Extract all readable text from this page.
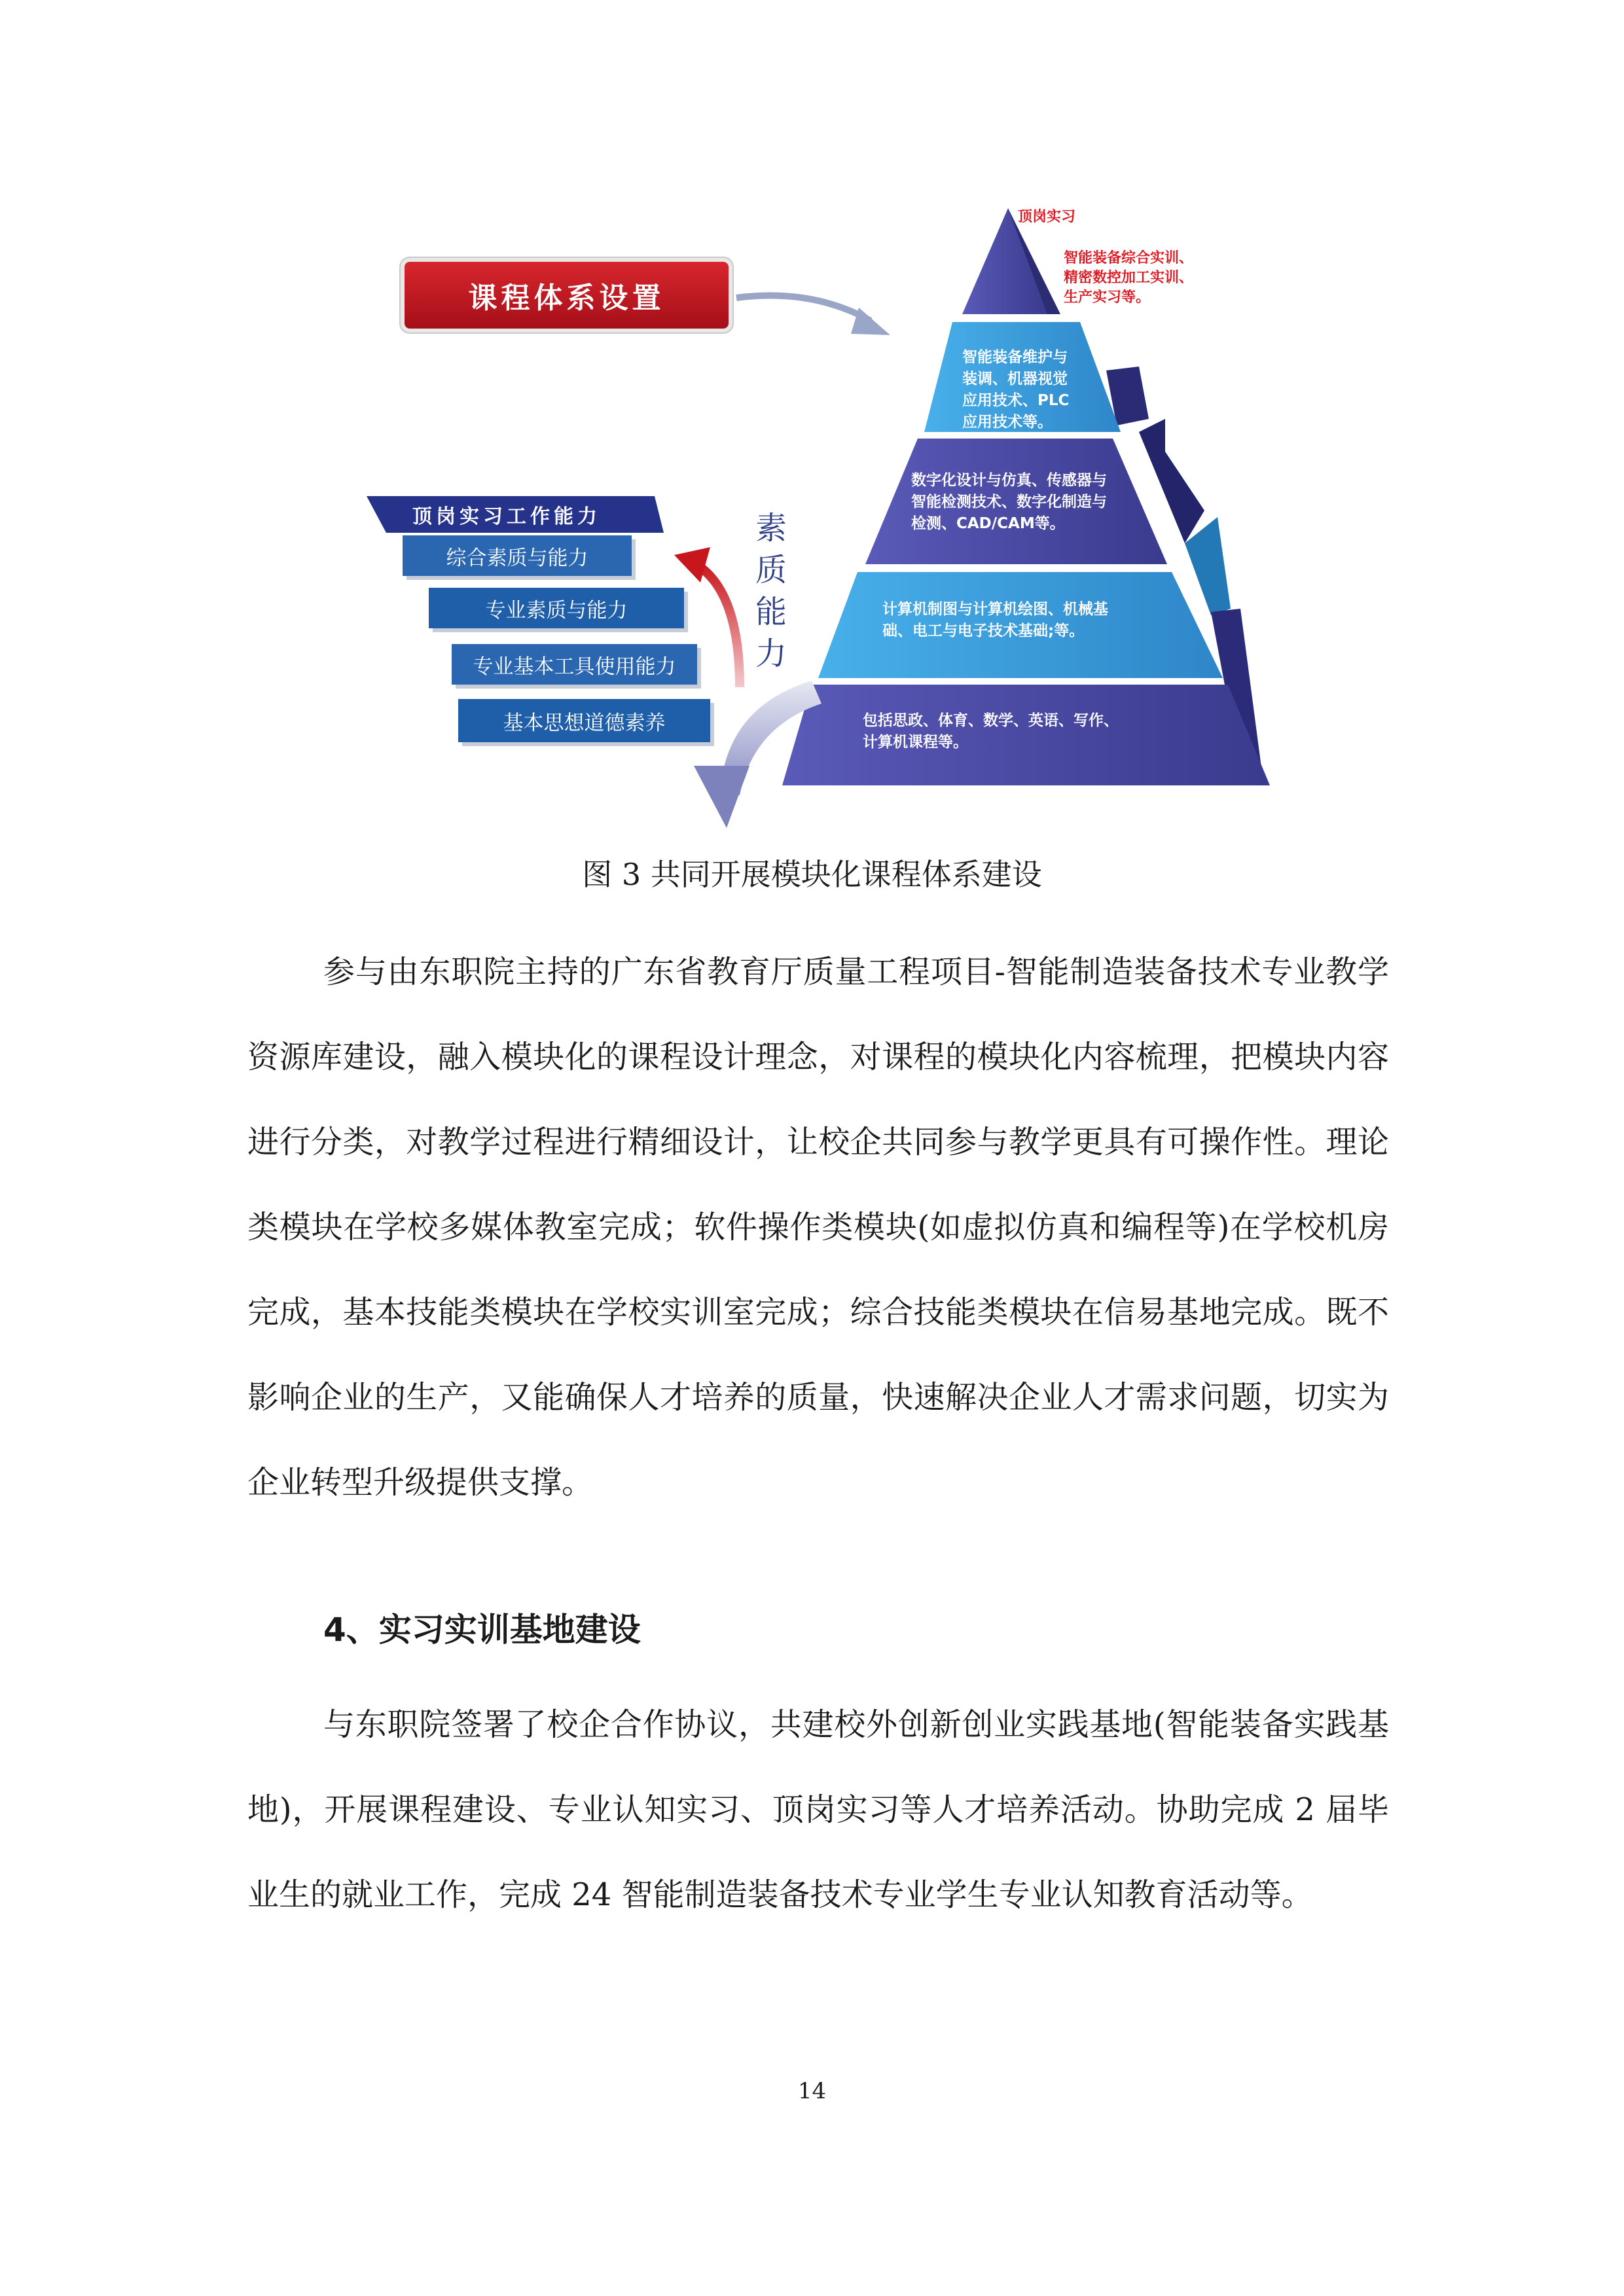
课程体系设置
顶岗实习
智能装备综合实训、
精密数控加工实训、
生产实习等。
智能装备维护与
装调、机器视觉
应用技术、PLC
应用技术等。
数字化设计与仿真、传感器与
智能检测技术、数字化制造与
检测、CAD/CAM等。
计算机制图与计算机绘图、机械基
础、电工与电子技术基础;等。
包括思政、体育、数学、英语、写作、
计算机课程等。
顶岗实习工作能力
综合素质与能力
专业素质与能力
专业基本工具使用能力
基本思想道德素养
素
质
能
力
图 3 共同开展模块化课程体系建设
参与由东职院主持的广东省教育厅质量工程项目-智能制造装备技术专业教学资源库建设，融入模块化的课程设计理念，对课程的模块化内容梳理，把模块内容进行分类，对教学过程进行精细设计，让校企共同参与教学更具有可操作性。理论类模块在学校多媒体教室完成；软件操作类模块(如虚拟仿真和编程等)在学校机房完成，基本技能类模块在学校实训室完成；综合技能类模块在信易基地完成。既不影响企业的生产，又能确保人才培养的质量，快速解决企业人才需求问题，切实为企业转型升级提供支撑。
4、实习实训基地建设
与东职院签署了校企合作协议，共建校外创新创业实践基地(智能装备实践基地)，开展课程建设、专业认知实习、顶岗实习等人才培养活动。协助完成 2 届毕业生的就业工作，完成 24 智能制造装备技术专业学生专业认知教育活动等。
14
